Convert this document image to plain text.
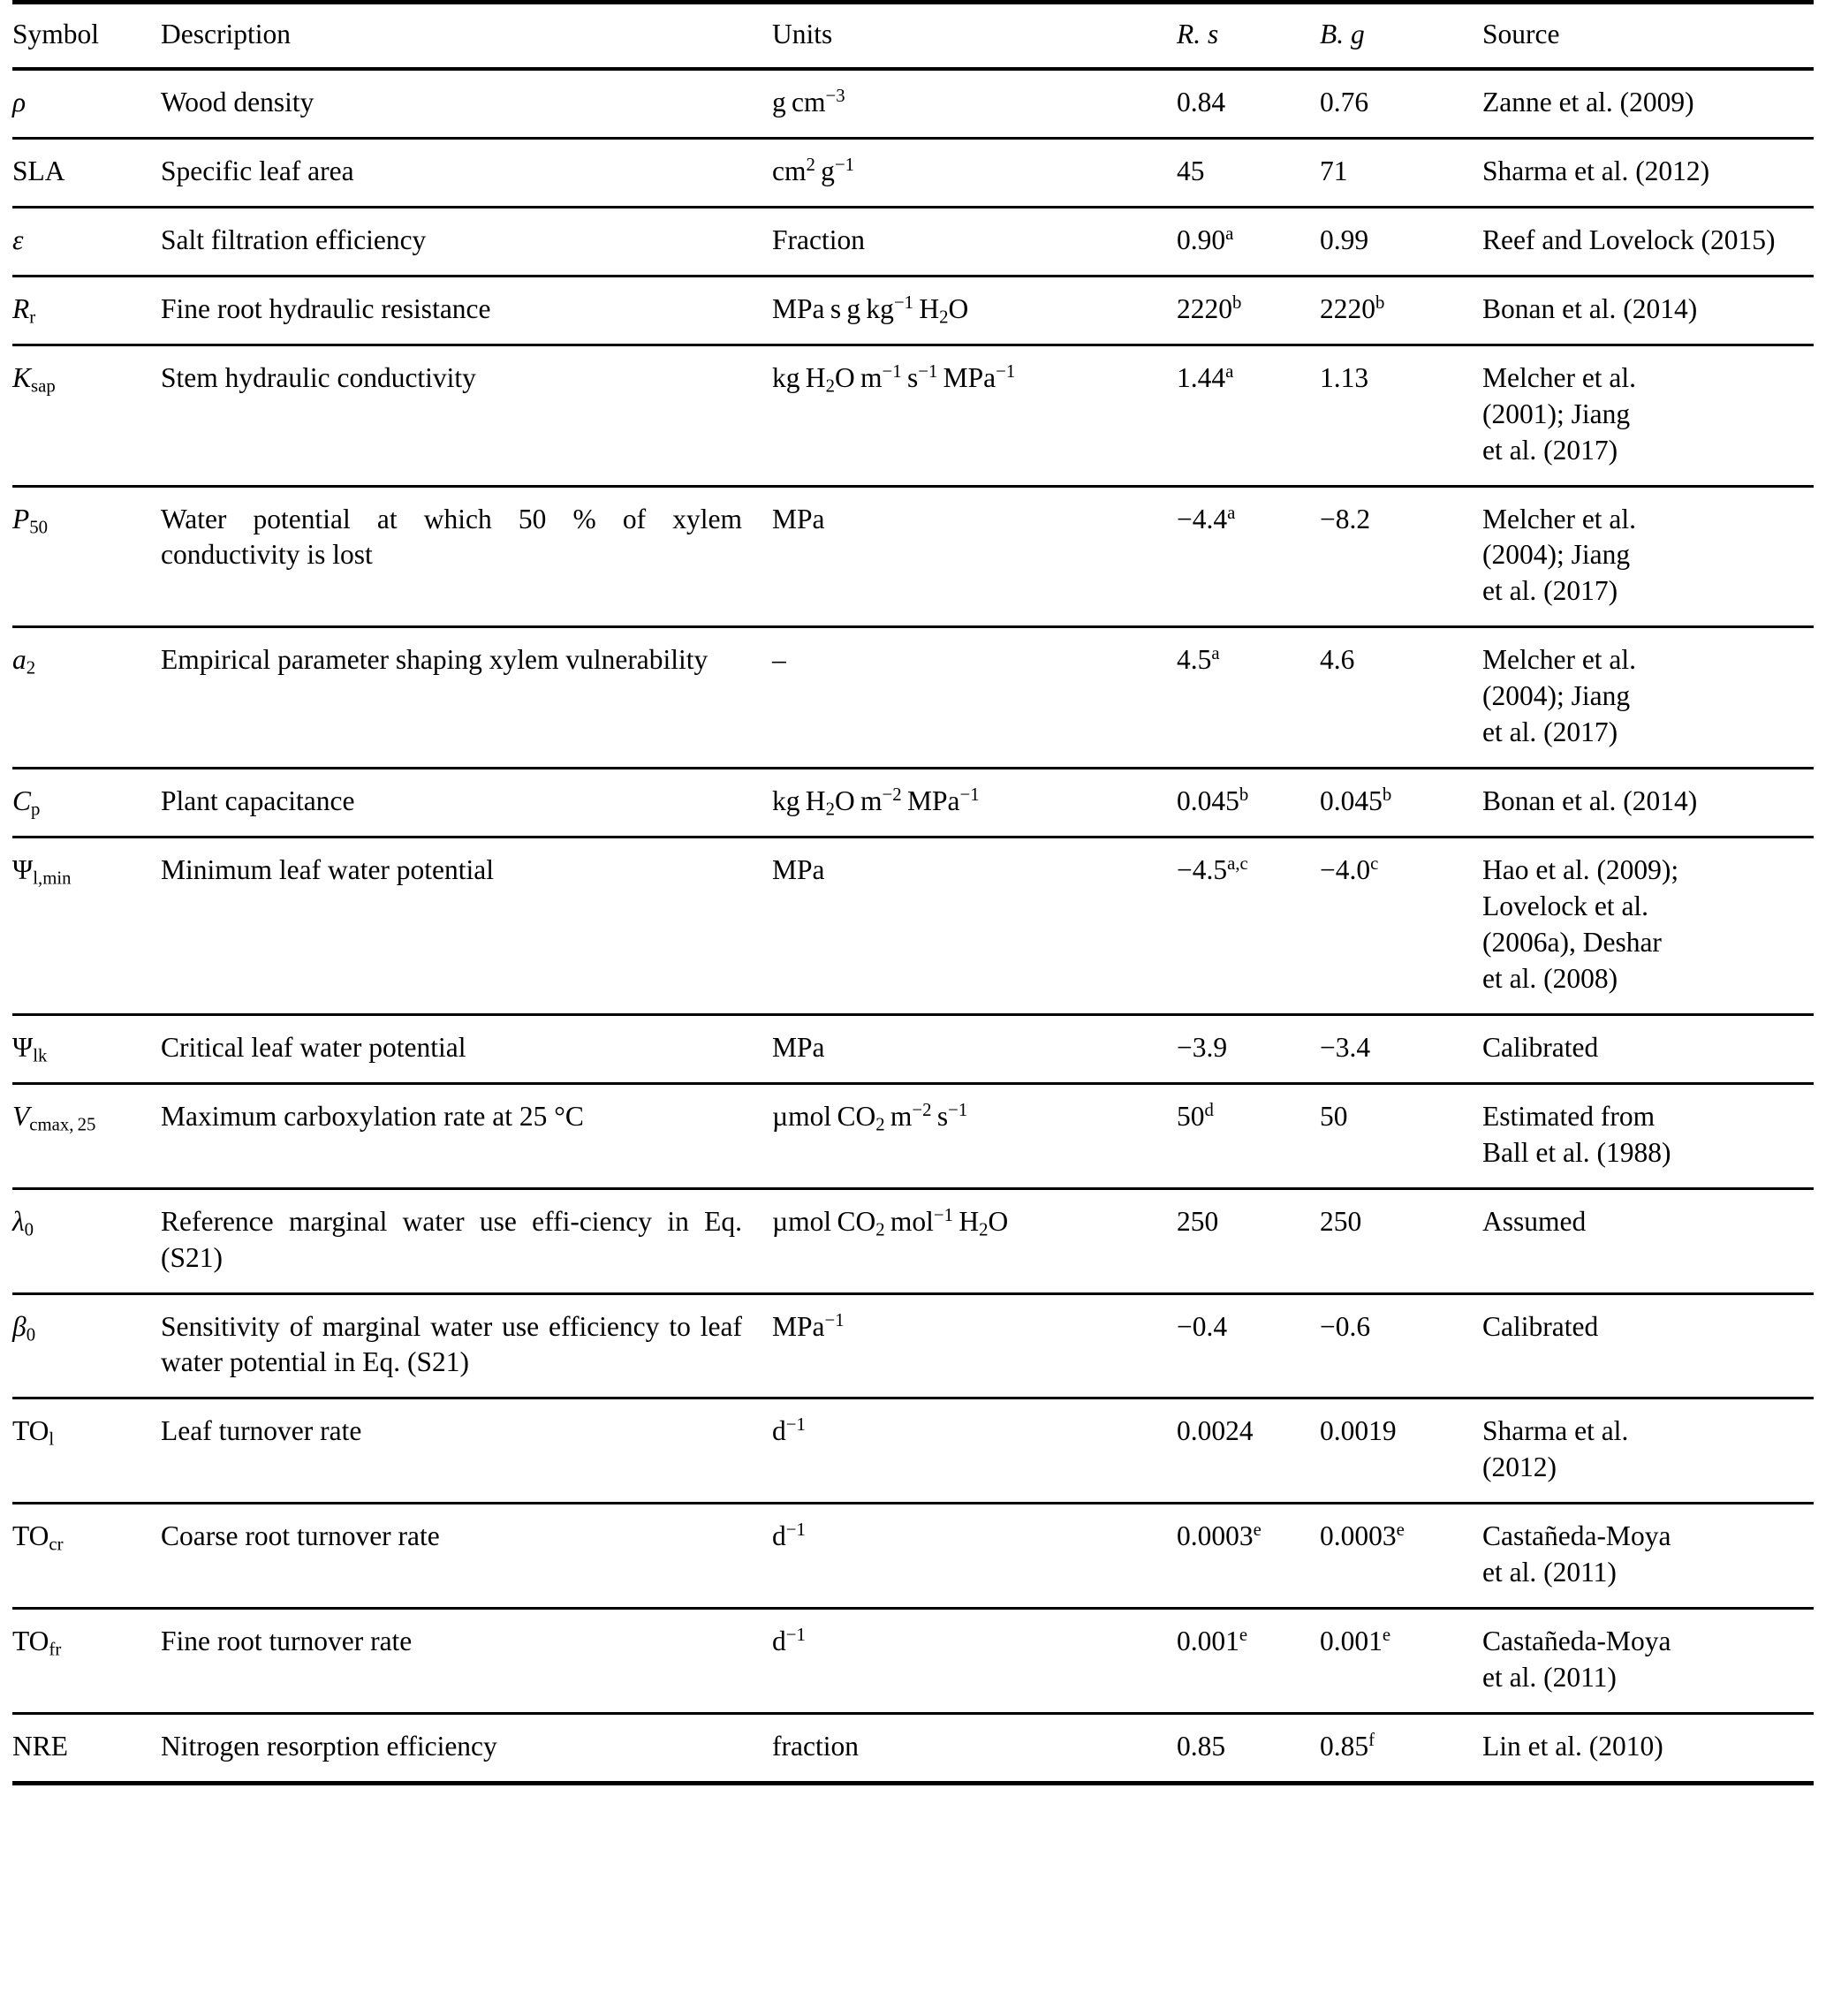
Symbol	Description	Units	R. s	B. g	Source
ρ	Wood density	g $cm^{-3}$	0.84	0.76	Zanne et al. (2009)
SLA	Specific leaf area	$cm^2$ $g^{-1}$	45	71	Sharma et al. (2012)
ε	Salt filtration efficiency	Fraction	0.90$^a$	0.99	Reef and Lovelock (2015)
$R_r$	Fine root hydraulic resistance	MPa s g $kg^{-1}$ $H_2O$	2220$^b$	2220$^b$	Bonan et al. (2014)
$K_{sap}$	Stem hydraulic conductivity	kg $H_2O$ $m^{-1}$ $s^{-1}$ MPa$^{-1}$	1.44$^a$	1.13	Melcher et al.
(2001); Jiang
et al. (2017)
$P_{50}$	Water potential at which 50 % of xylem conductivity is lost	MPa	−4.4$^a$	−8.2	Melcher et al.
(2004); Jiang
et al. (2017)
$a_2$	Empirical parameter shaping xylem vulnerability	–	4.5$^a$	4.6	Melcher et al.
(2004); Jiang
et al. (2017)
$C_p$	Plant capacitance	kg $H_2O$ $m^{-2}$ MPa$^{-1}$	0.045$^b$	0.045$^b$	Bonan et al. (2014)
$\Psi_{l,min}$	Minimum leaf water potential	MPa	$-4.5^{a,c}$	−4.0$^c$	Hao et al. (2009);
Lovelock et al.
(2006a), Deshar
et al. (2008)
$\Psi_{lk}$	Critical leaf water potential	MPa	−3.9	−3.4	Calibrated
$V_{cmax, 25}$	Maximum carboxylation rate at 25 °C	µmol $CO_2$ $m^{-2}$ $s^{-1}$	50$^d$	50	Estimated from
Ball et al. (1988)
$\lambda_0$	Reference marginal water use effi‑ciency in Eq. (S21)	µmol $CO_2$ mol$^{-1}$ $H_2O$	250	250	Assumed
$\beta_0$	Sensitivity of marginal water use efficiency to leaf water potential in Eq. (S21)	MPa$^{-1}$	−0.4	−0.6	Calibrated
$TO_l$	Leaf turnover rate	$d^{-1}$	0.0024	0.0019	Sharma et al.
(2012)
$TO_{cr}$	Coarse root turnover rate	$d^{-1}$	0.0003e	0.0003e	Castañeda-Moya
et al. (2011)
$TO_{fr}$	Fine root turnover rate	$d^{-1}$	0.001e	0.001e	Castañeda-Moya
et al. (2011)
NRE	Nitrogen resorption efficiency	fraction	0.85	0.85$^f$	Lin et al. (2010)
